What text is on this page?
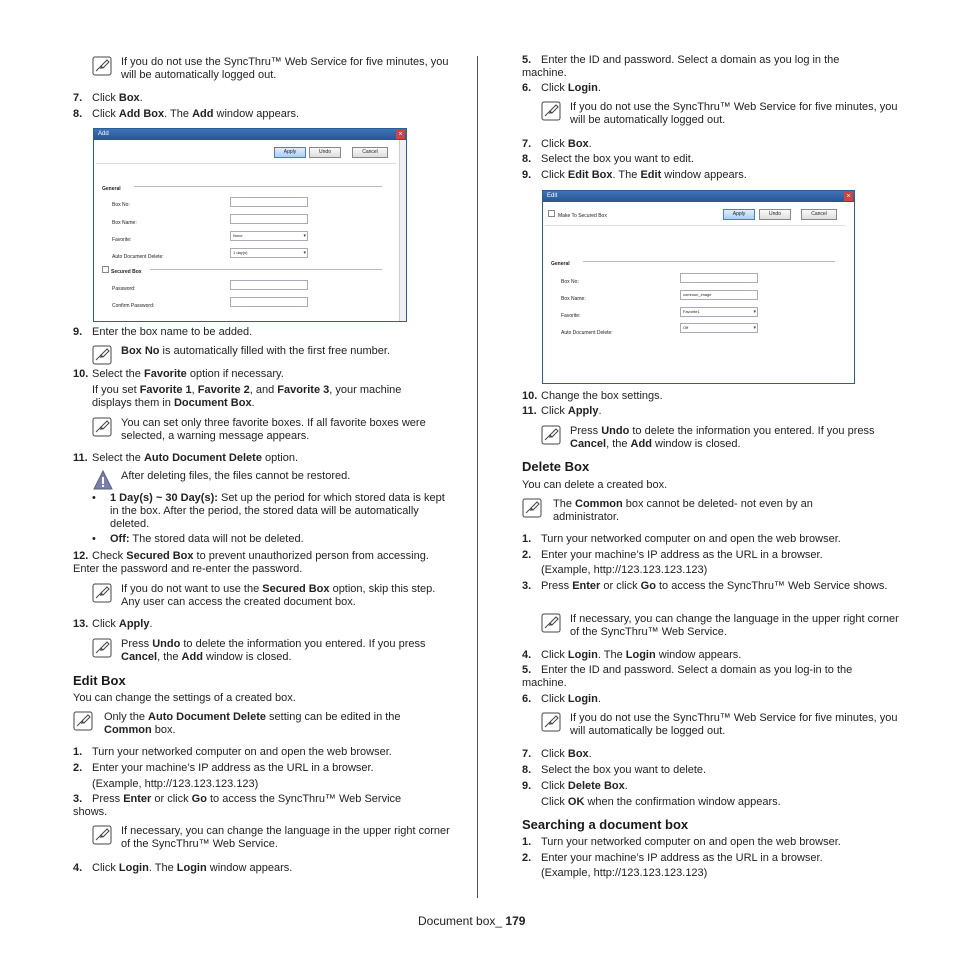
If you do not use the SyncThru™ Web Service for five minutes, you will be automatically logged out.
7. Click Box.
8. Click Add Box. The Add window appears.
Add	×
Apply	Undo	Cancel
General
Box No:
Box Name:
Favorite:
None	▾
Auto Document Delete:
1 day(s)	▾
Secured Box
Password:
Confirm Password:
9. Enter the box name to be added.
Box No is automatically filled with the first free number.
10. Select the Favorite option if necessary.
If you set Favorite 1, Favorite 2, and Favorite 3, your machine displays them in Document Box.
You can set only three favorite boxes. If all favorite boxes were selected, a warning message appears.
11. Select the Auto Document Delete option.
After deleting files, the files cannot be restored.
•	1 Day(s) ~ 30 Day(s): Set up the period for which stored data is kept in the box. After the period, the stored data will be automatically deleted.
•	Off: The stored data will not be deleted.
12. Check Secured Box to prevent unauthorized person from accessing. Enter the password and re-enter the password.
If you do not want to use the Secured Box option, skip this step. Any user can access the created document box.
13. Click Apply.
Press Undo to delete the information you entered. If you press Cancel, the Add window is closed.
Edit Box
You can change the settings of a created box.
Only the Auto Document Delete setting can be edited in the Common box.
1. Turn your networked computer on and open the web browser.
2. Enter your machine’s IP address as the URL in a browser.
(Example, http://123.123.123.123)
3. Press Enter or click Go to access the SyncThru™ Web Service shows.
If necessary, you can change the language in the upper right corner of the SyncThru™ Web Service.
4. Click Login. The Login window appears.
5. Enter the ID and password. Select a domain as you log in the machine.
6. Click Login.
If you do not use the SyncThru™ Web Service for five minutes, you will be automatically logged out.
7. Click Box.
8. Select the box you want to edit.
9. Click Edit Box. The Edit window appears.
Edit	×
Make To Secured Box	Apply	Undo	Cancel
General
Box No:
Box Name:
common_image
Favorite:
Favorite1	▾
Auto Document Delete:
Off	▾
10. Change the box settings.
11. Click Apply.
Press Undo to delete the information you entered. If you press Cancel, the Add window is closed.
Delete Box
You can delete a created box.
The Common box cannot be deleted- not even by an administrator.
1. Turn your networked computer on and open the web browser.
2. Enter your machine’s IP address as the URL in a browser.
(Example, http://123.123.123.123)
3. Press Enter or click Go to access the SyncThru™ Web Service shows.
If necessary, you can change the language in the upper right corner of the SyncThru™ Web Service.
4. Click Login. The Login window appears.
5. Enter the ID and password. Select a domain as you log-in to the machine.
6. Click Login.
If you do not use the SyncThru™ Web Service for five minutes, you will automatically be logged out.
7. Click Box.
8. Select the box you want to delete.
9. Click Delete Box.
Click OK when the confirmation window appears.
Searching a document box
1. Turn your networked computer on and open the web browser.
2. Enter your machine’s IP address as the URL in a browser.
(Example, http://123.123.123.123)
Document box_ 179
